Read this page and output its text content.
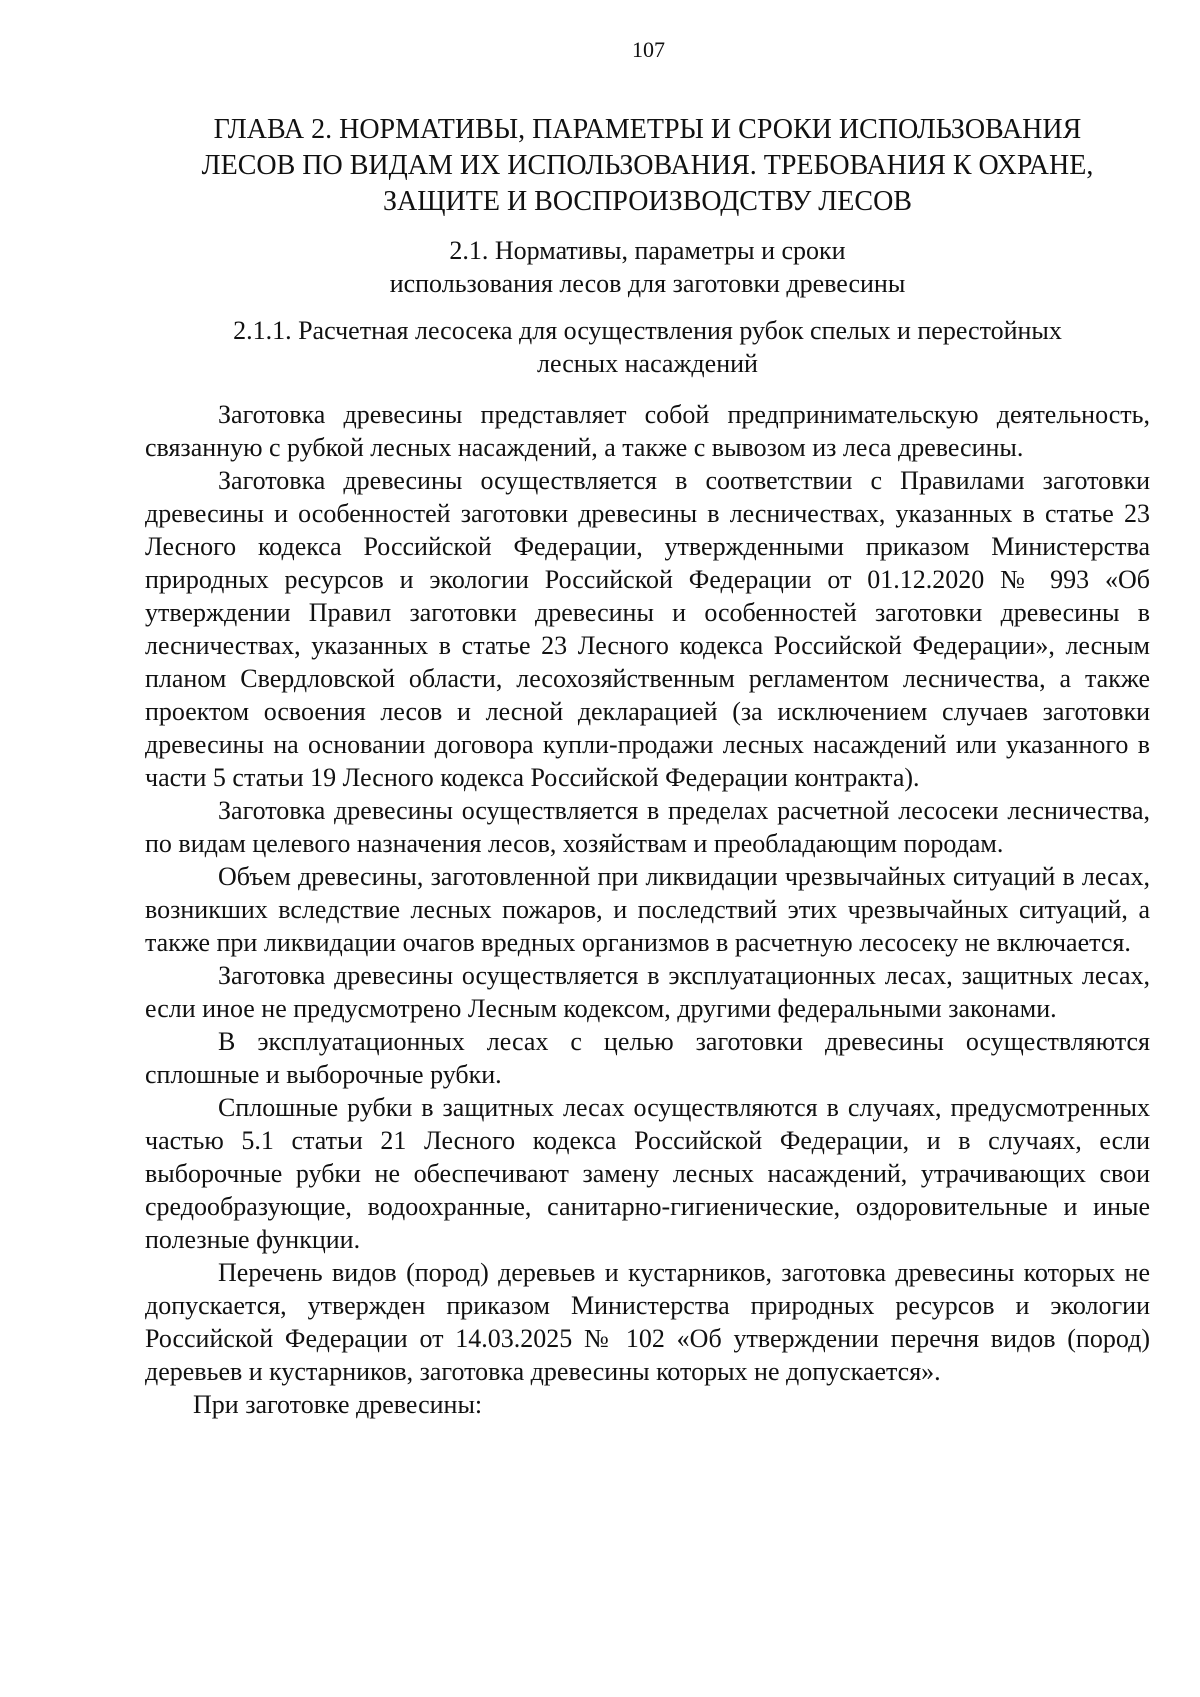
107
ГЛАВА 2. НОРМАТИВЫ, ПАРАМЕТРЫ И СРОКИ ИСПОЛЬЗОВАНИЯ
ЛЕСОВ ПО ВИДАМ ИХ ИСПОЛЬЗОВАНИЯ. ТРЕБОВАНИЯ К ОХРАНЕ,
ЗАЩИТЕ И ВОСПРОИЗВОДСТВУ ЛЕСОВ
2.1. Нормативы, параметры и сроки
использования лесов для заготовки древесины
2.1.1. Расчетная лесосека для осуществления рубок спелых и перестойных
лесных насаждений

Заготовка древесины представляет собой предпринимательскую деятельность, связанную с рубкой лесных насаждений, а также с вывозом из леса древесины.

Заготовка древесины осуществляется в соответствии с Правилами заготовки древесины и особенностей заготовки древесины в лесничествах, указанных в статье 23 Лесного кодекса Российской Федерации, утвержденными приказом Министерства природных ресурсов и экологии Российской Федерации от 01.12.2020 № 993 «Об утверждении Правил заготовки древесины и особенностей заготовки древесины в лесничествах, указанных в статье 23 Лесного кодекса Российской Федерации», лесным планом Свердловской области, лесохозяйственным регламентом лесничества, а также проектом освоения лесов и лесной декларацией (за исключением случаев заготовки древесины на основании договора купли-продажи лесных насаждений или указанного в части 5 статьи 19 Лесного кодекса Российской Федерации контракта).

Заготовка древесины осуществляется в пределах расчетной лесосеки лесничества, по видам целевого назначения лесов, хозяйствам и преобладающим породам.

Объем древесины, заготовленной при ликвидации чрезвычайных ситуаций в лесах, возникших вследствие лесных пожаров, и последствий этих чрезвычайных ситуаций, а также при ликвидации очагов вредных организмов в расчетную лесосеку не включается.

Заготовка древесины осуществляется в эксплуатационных лесах, защитных лесах, если иное не предусмотрено Лесным кодексом, другими федеральными законами.

В эксплуатационных лесах с целью заготовки древесины осуществляются сплошные и выборочные рубки.

Сплошные рубки в защитных лесах осуществляются в случаях, предусмотренных частью 5.1 статьи 21 Лесного кодекса Российской Федерации, и в случаях, если выборочные рубки не обеспечивают замену лесных насаждений, утрачивающих свои средообразующие, водоохранные, санитарно-гигиенические, оздоровительные и иные полезные функции.

Перечень видов (пород) деревьев и кустарников, заготовка древесины которых не допускается, утвержден приказом Министерства природных ресурсов и экологии Российской Федерации от 14.03.2025 № 102 «Об утверждении перечня видов (пород) деревьев и кустарников, заготовка древесины которых не допускается».

При заготовке древесины:
